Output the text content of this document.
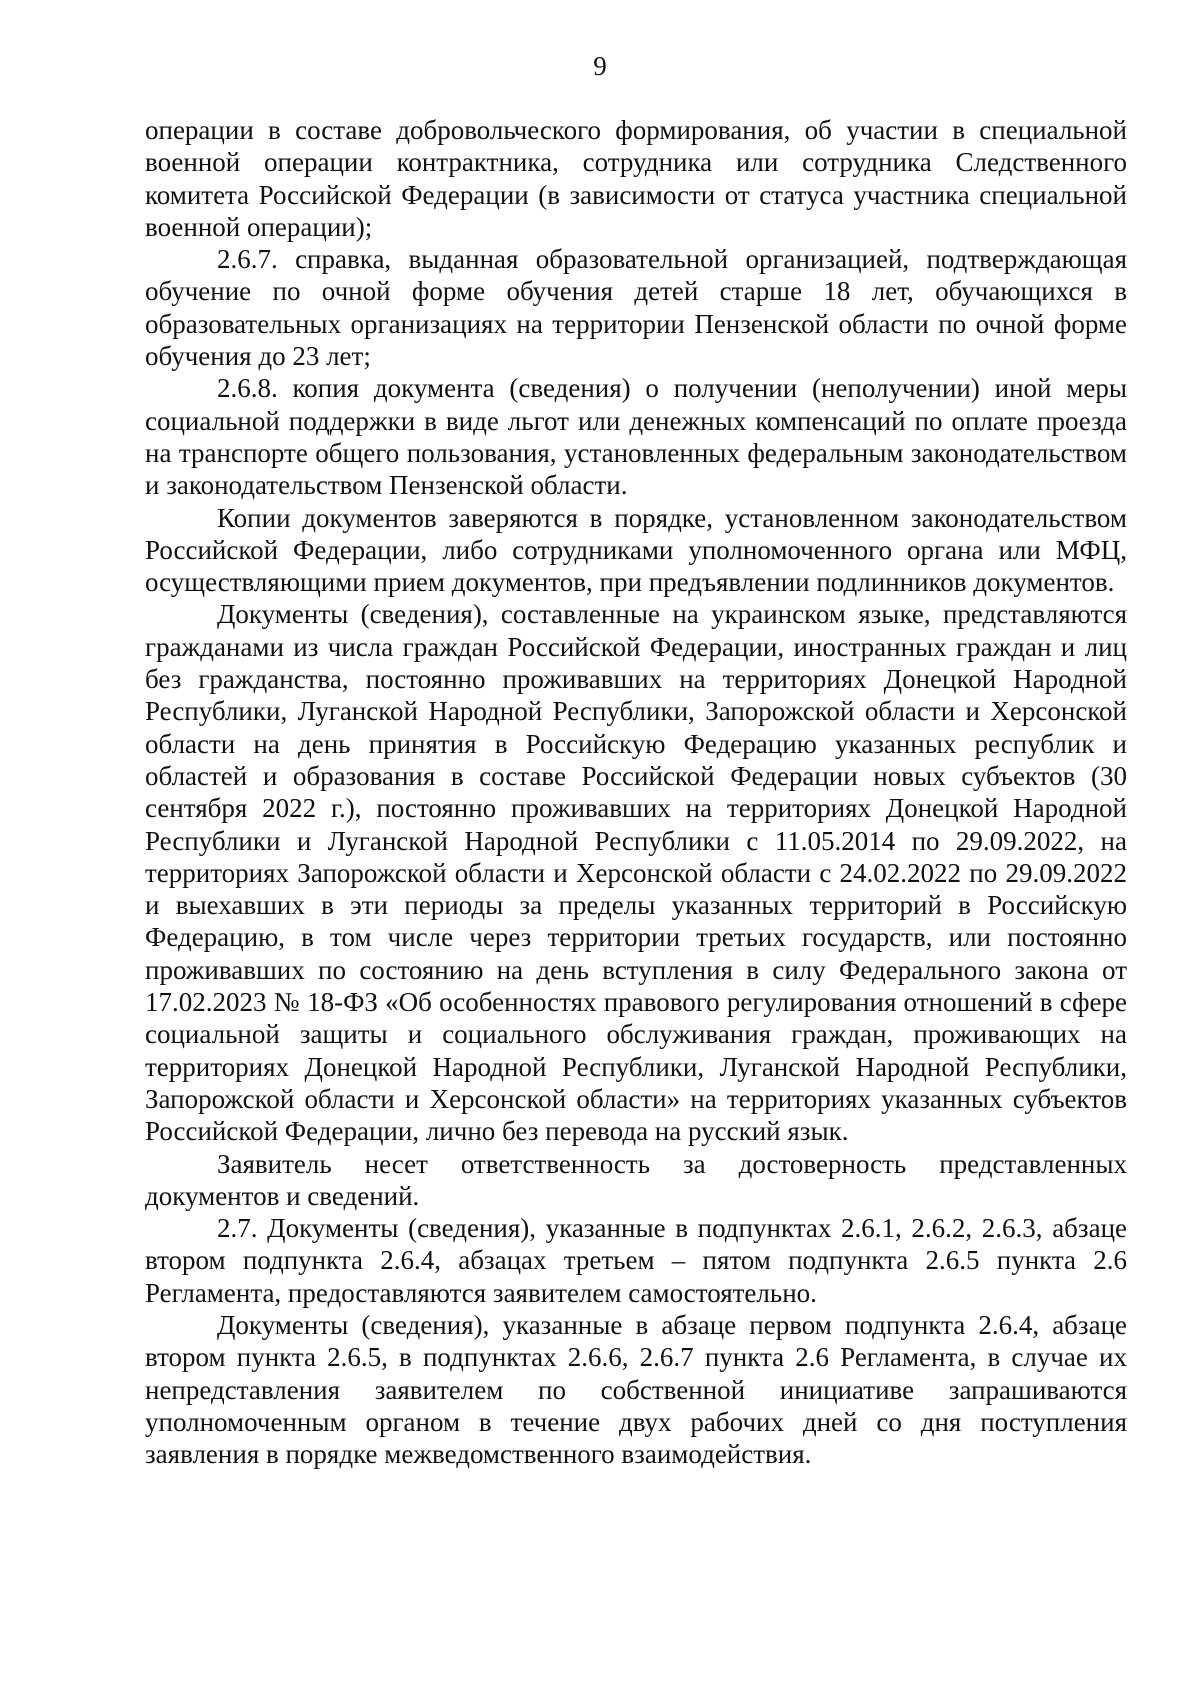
9

операции в составе добровольческого формирования, об участии в специальной военной операции контрактника, сотрудника или сотрудника Следственного комитета Российской Федерации (в зависимости от статуса участника специальной военной операции);

2.6.7. справка, выданная образовательной организацией, подтверждающая обучение по очной форме обучения детей старше 18 лет, обучающихся в образовательных организациях на территории Пензенской области по очной форме обучения до 23 лет;

2.6.8. копия документа (сведения) о получении (неполучении) иной меры социальной поддержки в виде льгот или денежных компенсаций по оплате проезда на транспорте общего пользования, установленных федеральным законодательством и законодательством Пензенской области.

Копии документов заверяются в порядке, установленном законодательством Российской Федерации, либо сотрудниками уполномоченного органа или МФЦ, осуществляющими прием документов, при предъявлении подлинников документов.

Документы (сведения), составленные на украинском языке, представляются гражданами из числа граждан Российской Федерации, иностранных граждан и лиц без гражданства, постоянно проживавших на территориях Донецкой Народной Республики, Луганской Народной Республики, Запорожской области и Херсонской области на день принятия в Российскую Федерацию указанных республик и областей и образования в составе Российской Федерации новых субъектов (30 сентября 2022 г.), постоянно проживавших на территориях Донецкой Народной Республики и Луганской Народной Республики с 11.05.2014 по 29.09.2022, на территориях Запорожской области и Херсонской области с 24.02.2022 по 29.09.2022 и выехавших в эти периоды за пределы указанных территорий в Российскую Федерацию, в том числе через территории третьих государств, или постоянно проживавших по состоянию на день вступления в силу Федерального закона от 17.02.2023 № 18-ФЗ «Об особенностях правового регулирования отношений в сфере социальной защиты и социального обслуживания граждан, проживающих на территориях Донецкой Народной Республики, Луганской Народной Республики, Запорожской области и Херсонской области» на территориях указанных субъектов Российской Федерации, лично без перевода на русский язык.

Заявитель несет ответственность за достоверность представленных документов и сведений.

2.7. Документы (сведения), указанные в подпунктах 2.6.1, 2.6.2, 2.6.3, абзаце втором подпункта 2.6.4, абзацах третьем – пятом подпункта 2.6.5 пункта 2.6 Регламента, предоставляются заявителем самостоятельно.

Документы (сведения), указанные в абзаце первом подпункта 2.6.4, абзаце втором пункта 2.6.5, в подпунктах 2.6.6, 2.6.7 пункта 2.6 Регламента, в случае их непредставления заявителем по собственной инициативе запрашиваются уполномоченным органом в течение двух рабочих дней со дня поступления заявления в порядке межведомственного взаимодействия.
